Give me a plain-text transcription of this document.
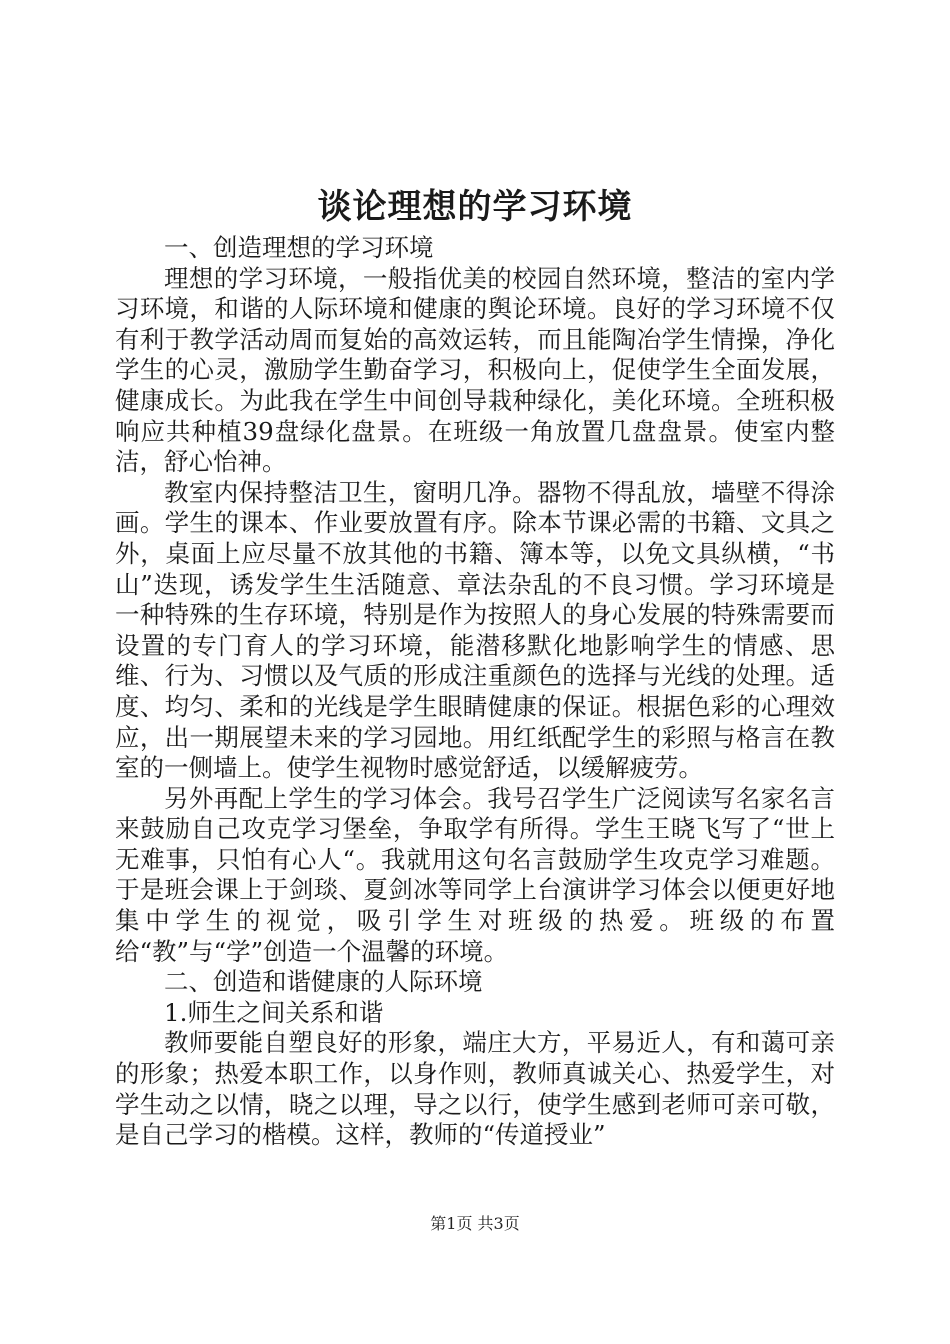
谈论理想的学习环境

一、创造理想的学习环境

理想的学习环境，一般指优美的校园自然环境，整洁的室内学习环境，和谐的人际环境和健康的舆论环境。良好的学习环境不仅有利于教学活动周而复始的高效运转，而且能陶冶学生情操，净化学生的心灵，激励学生勤奋学习，积极向上，促使学生全面发展，健康成长。为此我在学生中间创导栽种绿化，美化环境。全班积极响应共种植39盘绿化盘景。在班级一角放置几盘盘景。使室内整洁，舒心怡神。

教室内保持整洁卫生，窗明几净。器物不得乱放，墙壁不得涂画。学生的课本、作业要放置有序。除本节课必需的书籍、文具之外，桌面上应尽量不放其他的书籍、簿本等，以免文具纵横，“书山”迭现，诱发学生生活随意、章法杂乱的不良习惯。学习环境是一种特殊的生存环境，特别是作为按照人的身心发展的特殊需要而设置的专门育人的学习环境，能潜移默化地影响学生的情感、思维、行为、习惯以及气质的形成注重颜色的选择与光线的处理。适度、均匀、柔和的光线是学生眼睛健康的保证。根据色彩的心理效应，出一期展望未来的学习园地。用红纸配学生的彩照与格言在教室的一侧墙上。使学生视物时感觉舒适，以缓解疲劳。

另外再配上学生的学习体会。我号召学生广泛阅读写名家名言来鼓励自己攻克学习堡垒，争取学有所得。学生王晓飞写了“世上无难事，只怕有心人“。我就用这句名言鼓励学生攻克学习难题。于是班会课上于剑琰、夏剑冰等同学上台演讲学习体会以便更好地集中学生的视觉，吸引学生对班级的热爱。班级的布置给“教”与“学”创造一个温馨的环境。

二、创造和谐健康的人际环境

1.师生之间关系和谐

教师要能自塑良好的形象，端庄大方，平易近人，有和蔼可亲的形象；热爱本职工作，以身作则，教师真诚关心、热爱学生，对学生动之以情，晓之以理，导之以行，使学生感到老师可亲可敬，是自己学习的楷模。这样，教师的“传道授业”

第1页 共3页
